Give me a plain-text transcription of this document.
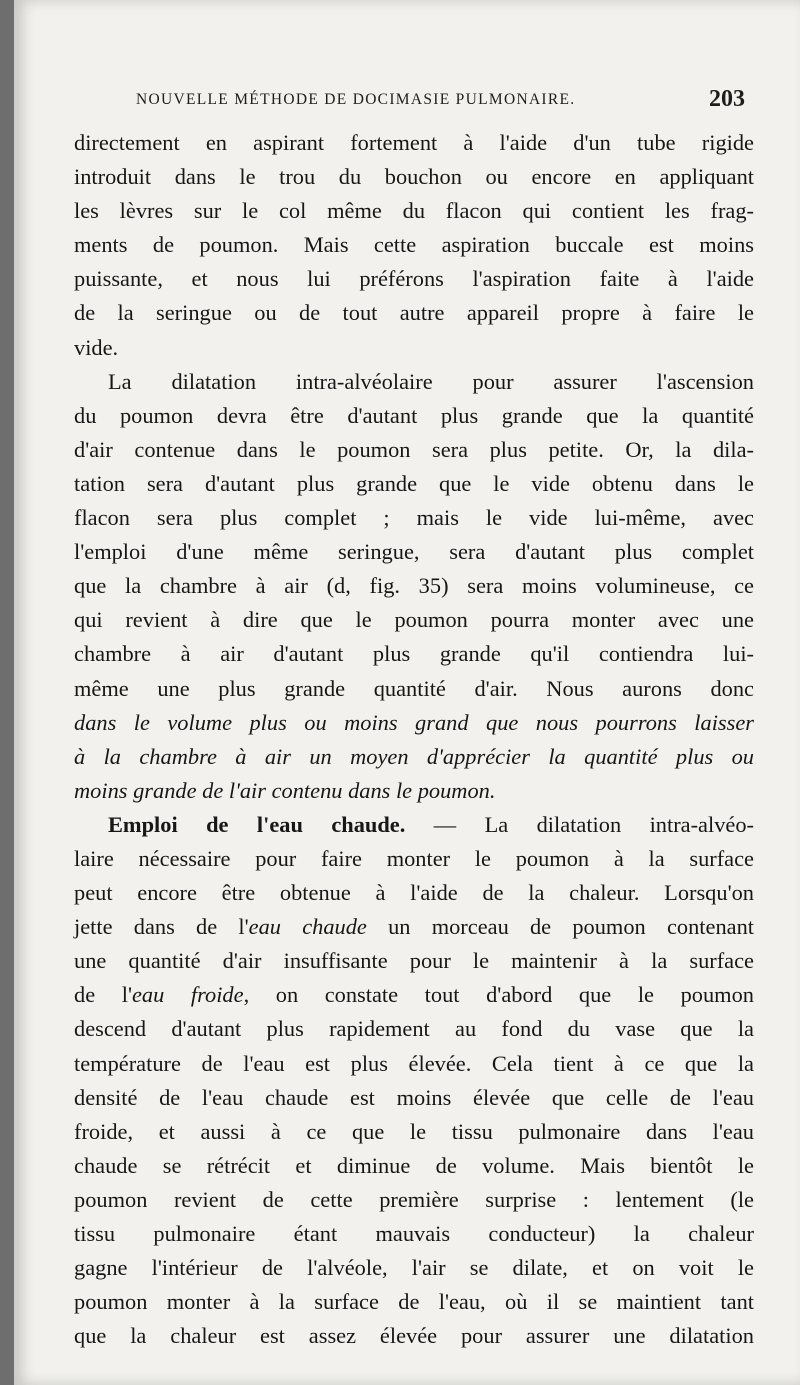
NOUVELLE MÉTHODE DE DOCIMASIE PULMONAIRE.	203
directement en aspirant fortement à l'aide d'un tube rigide
introduit dans le trou du bouchon ou encore en appliquant
les lèvres sur le col même du flacon qui contient les frag-
ments de poumon. Mais cette aspiration buccale est moins
puissante, et nous lui préférons l'aspiration faite à l'aide
de la seringue ou de tout autre appareil propre à faire le
vide.
La dilatation intra-alvéolaire pour assurer l'ascension
du poumon devra être d'autant plus grande que la quantité
d'air contenue dans le poumon sera plus petite. Or, la dila-
tation sera d'autant plus grande que le vide obtenu dans le
flacon sera plus complet ; mais le vide lui-même, avec
l'emploi d'une même seringue, sera d'autant plus complet
que la chambre à air (d, fig. 35) sera moins volumineuse, ce
qui revient à dire que le poumon pourra monter avec une
chambre à air d'autant plus grande qu'il contiendra lui-
même une plus grande quantité d'air. Nous aurons donc
dans le volume plus ou moins grand que nous pourrons laisser
à la chambre à air un moyen d'apprécier la quantité plus ou
moins grande de l'air contenu dans le poumon.
Emploi de l'eau chaude. — La dilatation intra-alvéo-
laire nécessaire pour faire monter le poumon à la surface
peut encore être obtenue à l'aide de la chaleur. Lorsqu'on
jette dans de l'eau chaude un morceau de poumon contenant
une quantité d'air insuffisante pour le maintenir à la surface
de l'eau froide, on constate tout d'abord que le poumon
descend d'autant plus rapidement au fond du vase que la
température de l'eau est plus élevée. Cela tient à ce que la
densité de l'eau chaude est moins élevée que celle de l'eau
froide, et aussi à ce que le tissu pulmonaire dans l'eau
chaude se rétrécit et diminue de volume. Mais bientôt le
poumon revient de cette première surprise : lentement (le
tissu pulmonaire étant mauvais conducteur) la chaleur
gagne l'intérieur de l'alvéole, l'air se dilate, et on voit le
poumon monter à la surface de l'eau, où il se maintient tant
que la chaleur est assez élevée pour assurer une dilatation
